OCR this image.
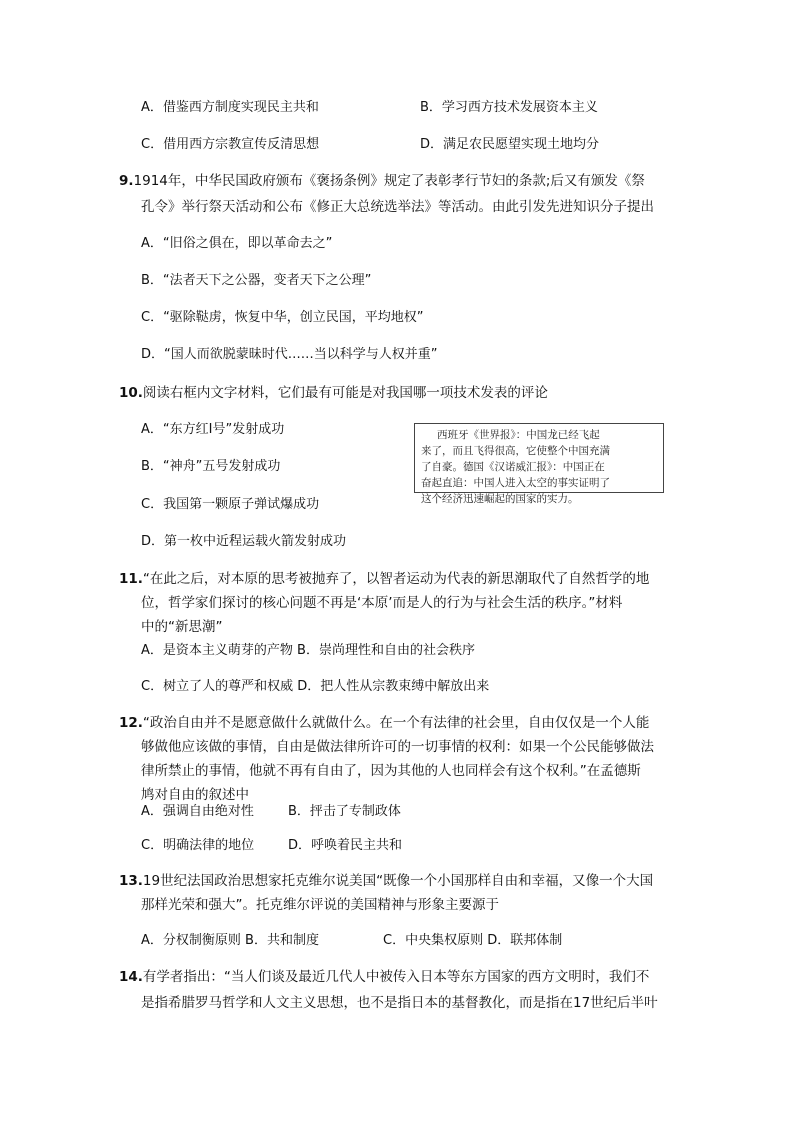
A．借鉴西方制度实现民主共和	B．学习西方技术发展资本主义
C．借用西方宗教宣传反清思想	D．满足农民愿望实现土地均分
9.1914年，中华民国政府颁布《褒扬条例》规定了表彰孝行节妇的条款;后又有颁发《祭
孔令》举行祭天活动和公布《修正大总统选举法》等活动。由此引发先进知识分子提出
A．“旧俗之俱在，即以革命去之”
B．“法者天下之公器，变者天下之公理”
C．“驱除鞑虏，恢复中华，创立民国，平均地权”
D．“国人而欲脱蒙昧时代……当以科学与人权并重”
10.阅读右框内文字材料，它们最有可能是对我国哪一项技术发表的评论
A．“东方红Ⅰ号”发射成功
B．“神舟”五号发射成功
C．我国第一颗原子弹试爆成功
D．第一枚中近程运载火箭发射成功
西班牙《世界报》：中国龙已经飞起
来了，而且飞得很高，它使整个中国充满
了自豪。德国《汉诺威汇报》：中国正在
奋起直追：中国人进入太空的事实证明了
这个经济迅速崛起的国家的实力。
11.“在此之后，对本原的思考被抛弃了，以智者运动为代表的新思潮取代了自然哲学的地
位，哲学家们探讨的核心问题不再是‘本原’而是人的行为与社会生活的秩序。”材料
中的“新思潮”
A．是资本主义萌芽的产物 B．崇尚理性和自由的社会秩序
C．树立了人的尊严和权威 D．把人性从宗教束缚中解放出来
12.“政治自由并不是愿意做什么就做什么。在一个有法律的社会里，自由仅仅是一个人能
够做他应该做的事情，自由是做法律所许可的一切事情的权利：如果一个公民能够做法
律所禁止的事情，他就不再有自由了，因为其他的人也同样会有这个权利。”在孟德斯
鸠对自由的叙述中
A．强调自由绝对性	B．抨击了专制政体
C．明确法律的地位	D．呼唤着民主共和
13.19世纪法国政治思想家托克维尔说美国“既像一个小国那样自由和幸福，又像一个大国
那样光荣和强大”。托克维尔评说的美国精神与形象主要源于
A．分权制衡原则 B．共和制度	C．中央集权原则 D．联邦体制
14.有学者指出：“当人们谈及最近几代人中被传入日本等东方国家的西方文明时，我们不
是指希腊罗马哲学和人文主义思想，也不是指日本的基督教化，而是指在17世纪后半叶
